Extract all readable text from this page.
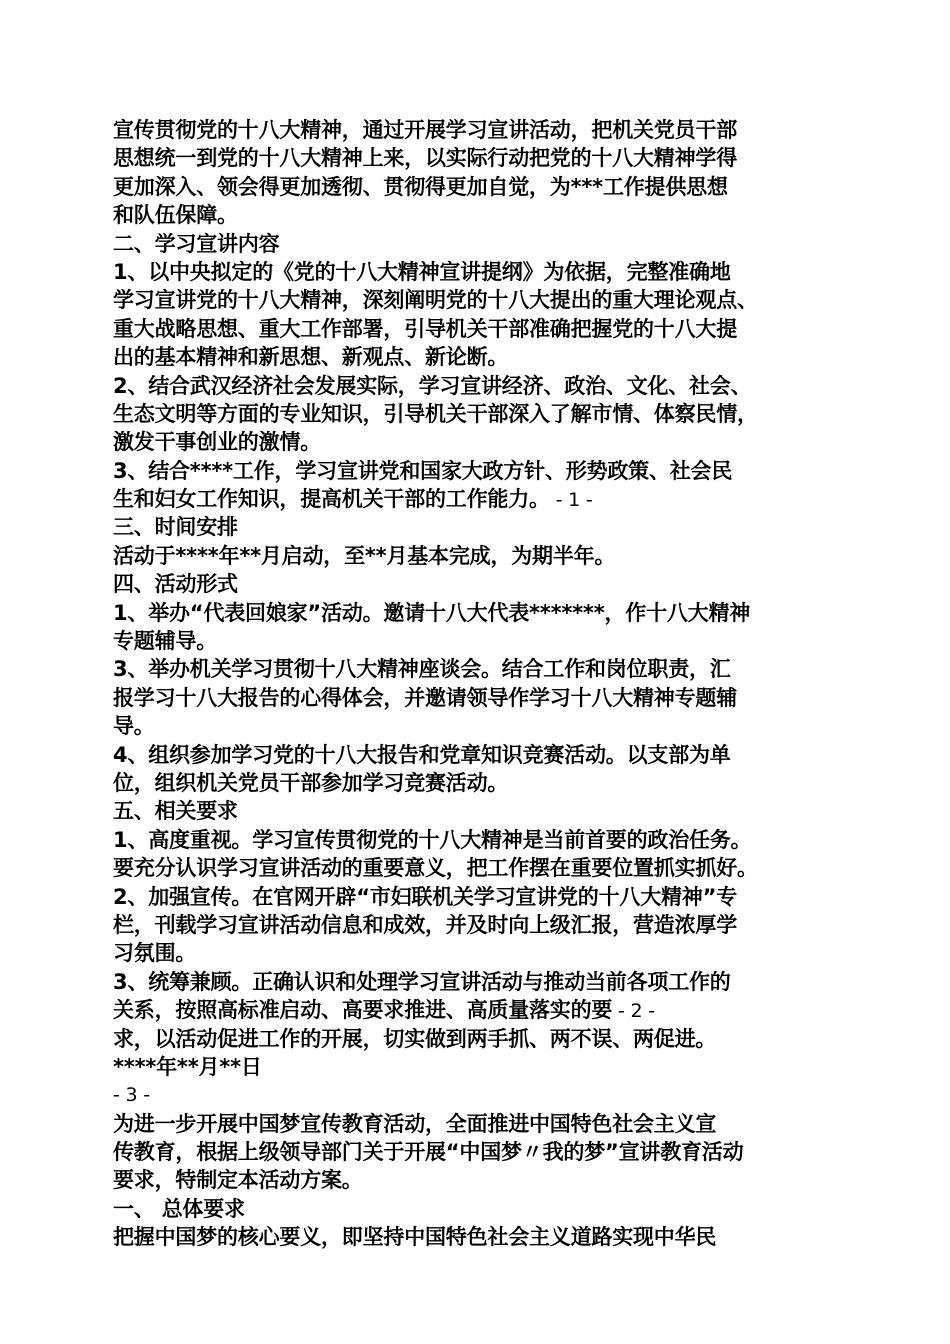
宣传贯彻党的十八大精神，通过开展学习宣讲活动，把机关党员干部
思想统一到党的十八大精神上来，以实际行动把党的十八大精神学得
更加深入、领会得更加透彻、贯彻得更加自觉，为***工作提供思想
和队伍保障。
二、学习宣讲内容
1、以中央拟定的《党的十八大精神宣讲提纲》为依据，完整准确地
学习宣讲党的十八大精神，深刻阐明党的十八大提出的重大理论观点、
重大战略思想、重大工作部署，引导机关干部准确把握党的十八大提
出的基本精神和新思想、新观点、新论断。
2、结合武汉经济社会发展实际，学习宣讲经济、政治、文化、社会、
生态文明等方面的专业知识，引导机关干部深入了解市情、体察民情，
激发干事创业的激情。
3、结合****工作，学习宣讲党和国家大政方针、形势政策、社会民
生和妇女工作知识，提高机关干部的工作能力。 - 1 -
三、时间安排
活动于****年**月启动，至**月基本完成，为期半年。
四、活动形式
1、举办“代表回娘家”活动。邀请十八大代表*******，作十八大精神
专题辅导。
3、举办机关学习贯彻十八大精神座谈会。结合工作和岗位职责，汇
报学习十八大报告的心得体会，并邀请领导作学习十八大精神专题辅
导。
4、组织参加学习党的十八大报告和党章知识竞赛活动。以支部为单
位，组织机关党员干部参加学习竞赛活动。
五、相关要求
1、高度重视。学习宣传贯彻党的十八大精神是当前首要的政治任务。
要充分认识学习宣讲活动的重要意义，把工作摆在重要位置抓实抓好。
2、加强宣传。在官网开辟“市妇联机关学习宣讲党的十八大精神”专
栏，刊载学习宣讲活动信息和成效，并及时向上级汇报，营造浓厚学
习氛围。
3、统筹兼顾。正确认识和处理学习宣讲活动与推动当前各项工作的
关系，按照高标准启动、高要求推进、高质量落实的要 - 2 -
求，以活动促进工作的开展，切实做到两手抓、两不误、两促进。
****年**月**日
- 3 -
为进一步开展中国梦宣传教育活动，全面推进中国特色社会主义宣
传教育，根据上级领导部门关于开展“中国梦〃我的梦”宣讲教育活动
要求，特制定本活动方案。
一、 总体要求
把握中国梦的核心要义，即坚持中国特色社会主义道路实现中华民
